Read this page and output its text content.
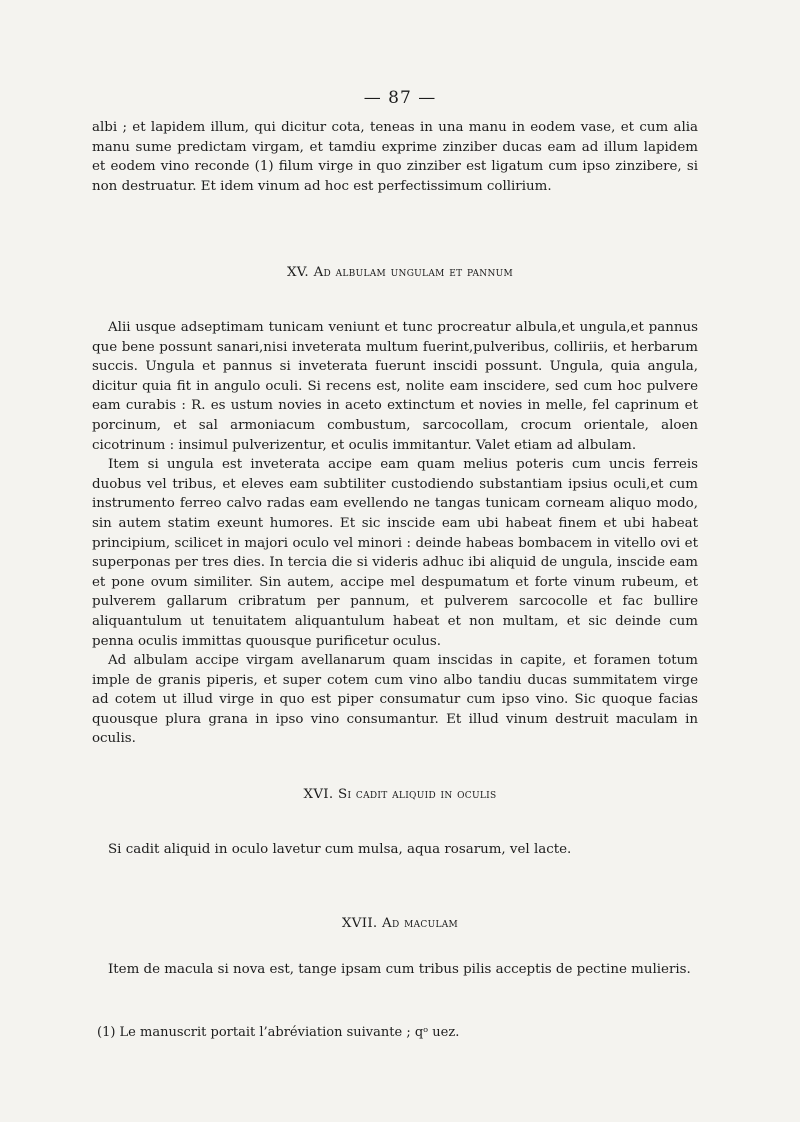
— 87 —

albi ; et lapidem illum, qui dicitur cota, teneas in una manu in eodem vase, et cum alia manu sume predictam virgam, et tamdiu exprime zinziber ducas eam ad illum lapidem et eodem vino reconde (1) filum virge in quo zinziber est ligatum cum ipso zinzibere, si non destruatur. Et idem vinum ad hoc est perfectissimum collirium.

XV. Ad albulam ungulam et pannum

Alii usque adseptimam tunicam veniunt et tunc procreatur albula,et ungula,et pannus que bene possunt sanari,nisi inveterata multum fuerint,pulveribus, colliriis, et herbarum succis. Ungula et pannus si inveterata fuerunt inscidi possunt. Ungula, quia angula, dicitur quia fit in angulo oculi. Si recens est, nolite eam inscidere, sed cum hoc pulvere eam curabis : R. es ustum novies in aceto extinctum et novies in melle, fel caprinum et porcinum, et sal armoniacum combustum, sarcocollam, crocum orientale, aloen cicotrinum : insimul pulverizentur, et oculis immitantur. Valet etiam ad albulam.

Item si ungula est inveterata accipe eam quam melius poteris cum uncis ferreis duobus vel tribus, et eleves eam subtiliter custodiendo substantiam ipsius oculi,et cum instrumento ferreo calvo radas eam evellendo ne tangas tunicam corneam aliquo modo, sin autem statim exeunt humores. Et sic inscide eam ubi habeat finem et ubi habeat principium, scilicet in majori oculo vel minori : deinde habeas bombacem in vitello ovi et superponas per tres dies. In tercia die si videris adhuc ibi aliquid de ungula, inscide eam et pone ovum similiter. Sin autem, accipe mel despumatum et forte vinum rubeum, et pulverem gallarum cribratum per pannum, et pulverem sarcocolle et fac bullire aliquantulum ut tenuitatem aliquantulum habeat et non multam, et sic deinde cum penna oculis immittas quousque purificetur oculus.

Ad albulam accipe virgam avellanarum quam inscidas in capite, et foramen totum imple de granis piperis, et super cotem cum vino albo tandiu ducas summitatem virge ad cotem ut illud virge in quo est piper consumatur cum ipso vino. Sic quoque facias quousque plura grana in ipso vino consumantur. Et illud vinum destruit maculam in oculis.

XVI. Si cadit aliquid in oculis

Si cadit aliquid in oculo lavetur cum mulsa, aqua rosarum, vel lacte.

XVII. Ad maculam

Item de macula si nova est, tange ipsam cum tribus pilis acceptis de pectine mulieris.

(1) Le manuscrit portait l’abréviation suivante ; qᵒ uez.
